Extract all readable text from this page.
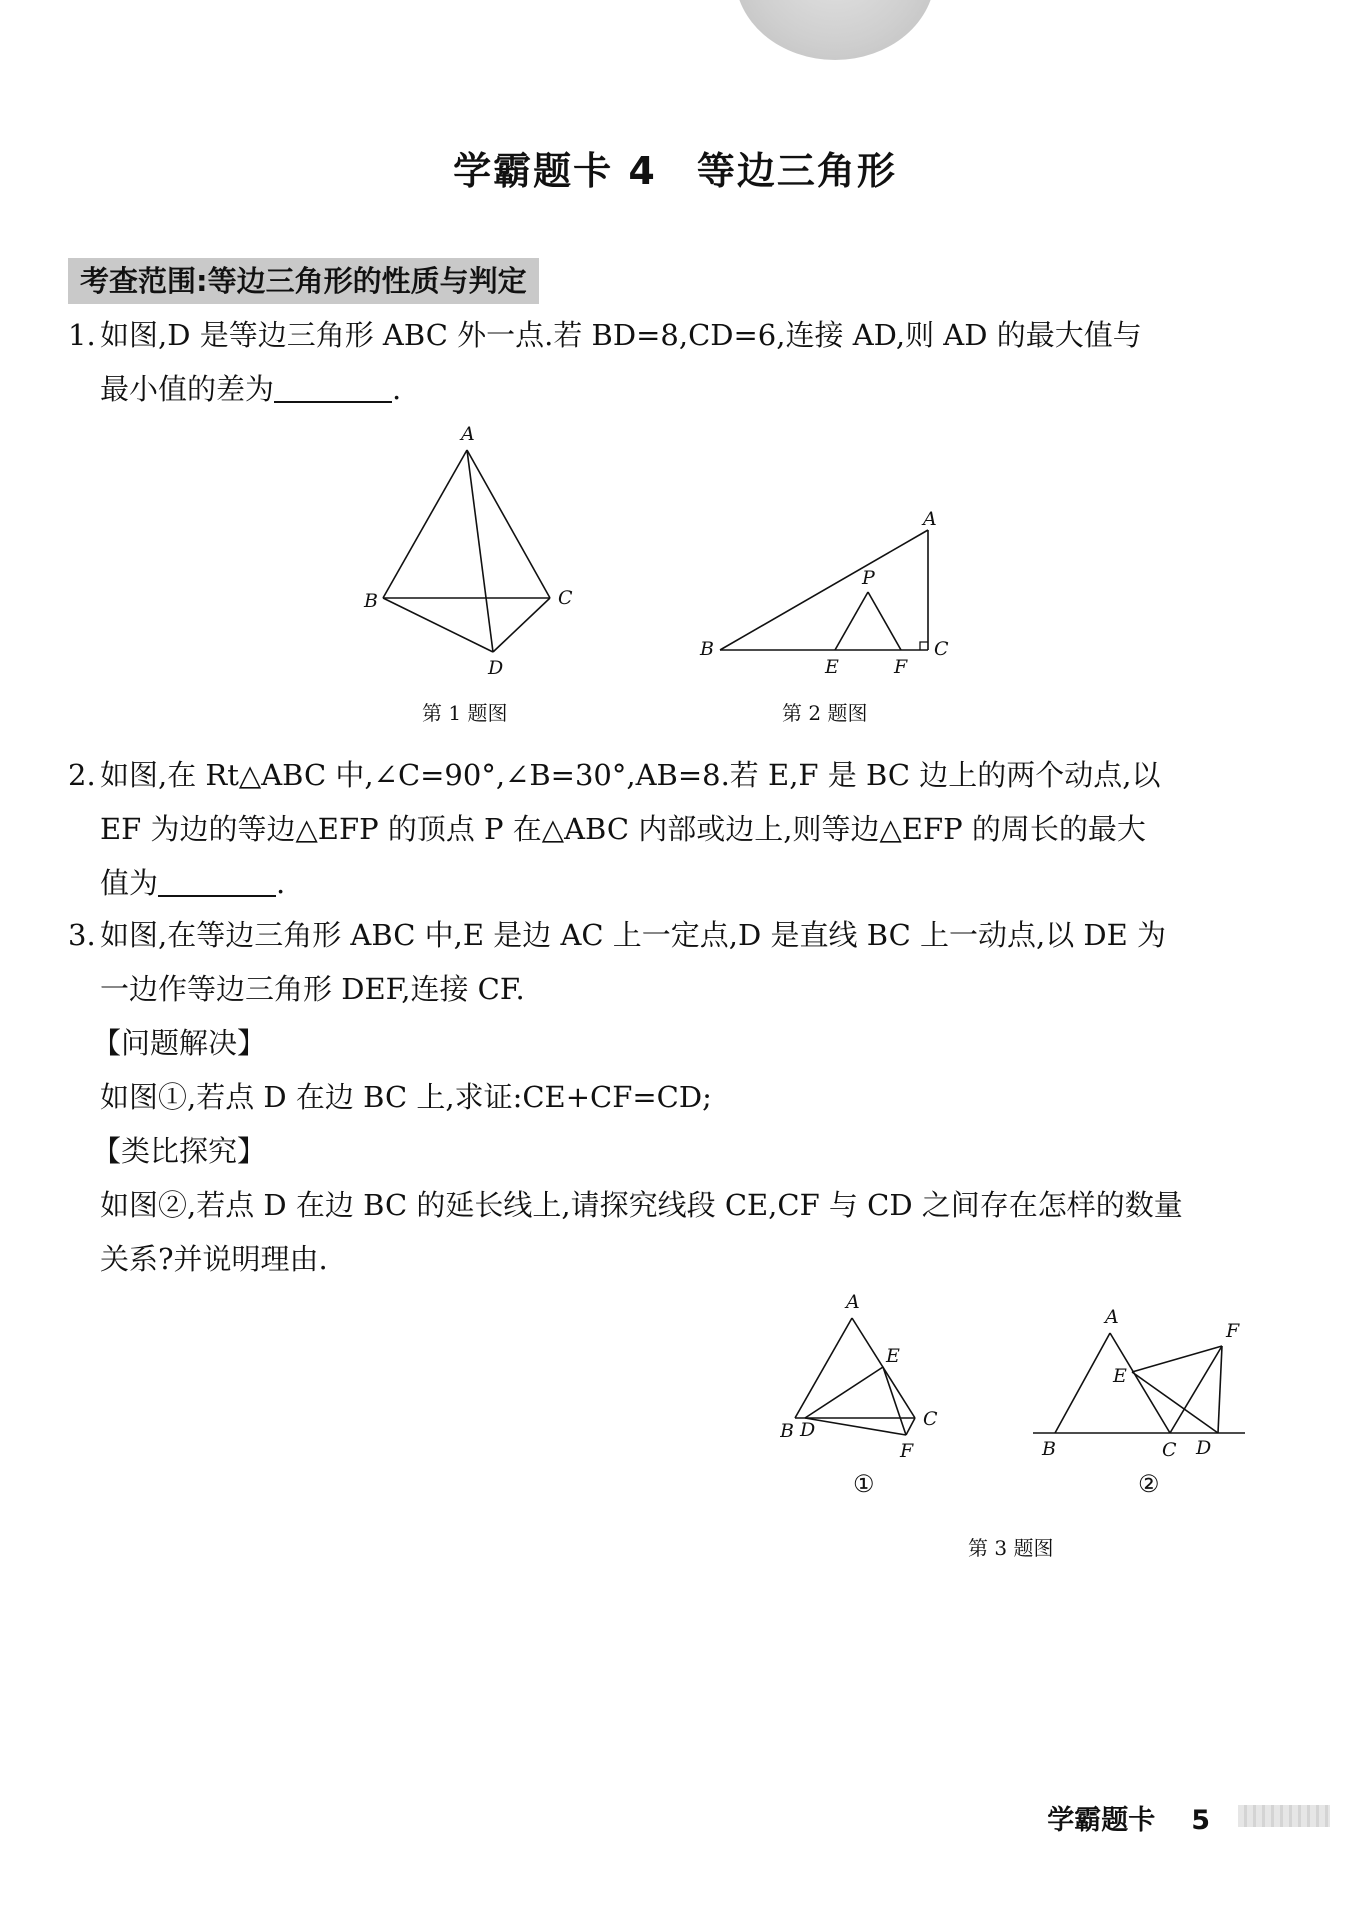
学霸题卡 4 等边三角形
考查范围:等边三角形的性质与判定
1. 如图,D 是等边三角形 ABC 外一点.若 BD=8,CD=6,连接 AD,则 AD 的最大值与
最小值的差为	.
A
B	C
D
第 1 题图
A
B	C
P
E	F
第 2 题图
2. 如图,在 Rt△ABC 中,∠C=90°,∠B=30°,AB=8.若 E,F 是 BC 边上的两个动点,以
EF 为边的等边△EFP 的顶点 P 在△ABC 内部或边上,则等边△EFP 的周长的最大
值为	.
3. 如图,在等边三角形 ABC 中,E 是边 AC 上一定点,D 是直线 BC 上一动点,以 DE 为
一边作等边三角形 DEF,连接 CF.
【问题解决】
如图①,若点 D 在边 BC 上,求证:CE+CF=CD;
【类比探究】
如图②,若点 D 在边 BC 的延长线上,请探究线段 CE,CF 与 CD 之间存在怎样的数量
关系?并说明理由.
A
E
B D	C
F
①
A
F
E
B	C D
②
第 3 题图
学霸题卡 5
